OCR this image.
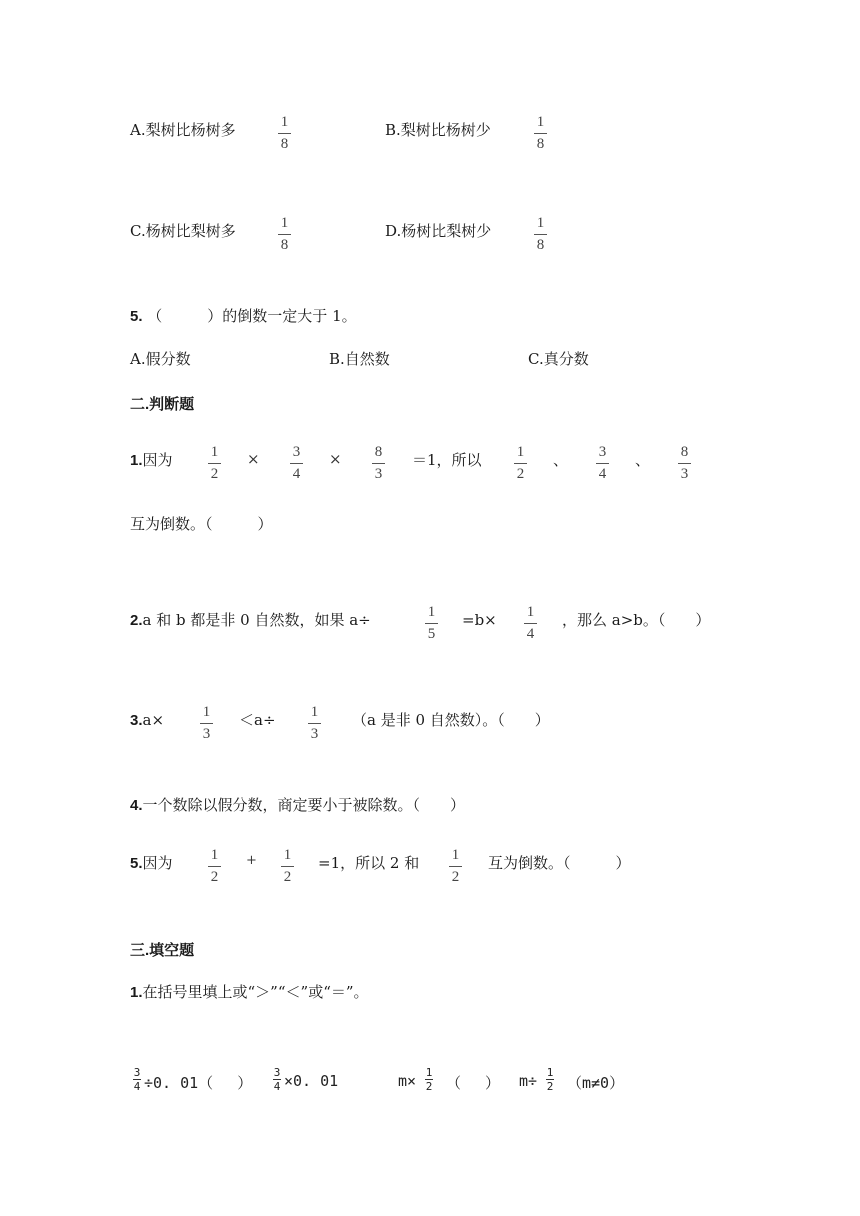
A.梨树比杨树多	1
8
B.梨树比杨树少	1
8
C.杨树比梨树多	1
8
D.杨树比梨树少	1
8
5. （　　　）的倒数一定大于 1。
A.假分数	B.自然数	C.真分数
二.判断题
1.因为	1
2
× 3
4
× 8
3
＝1，所以 1
2
、 3
4
、 8
3
互为倒数。（　　　）
2.a 和 b 都是非 0 自然数，如果 a÷	1
5
=b× 1
4
，那么 a>b。（　　）
3.a×	1
3
＜a÷ 1
3
（a 是非 0 自然数）。（　　）
4.一个数除以假分数，商定要小于被除数。（　　）
5.因为	1
2
+ 1
2
=1，所以 2 和 1
2
互为倒数。（　　　）
三.填空题
1.在括号里填上或“＞”“＜”或“＝”。
3
4 ÷0. 01（　 ）
3
4 ×0. 01	m× 1
2 （　 ） m÷ 1
2 （m≠0）
